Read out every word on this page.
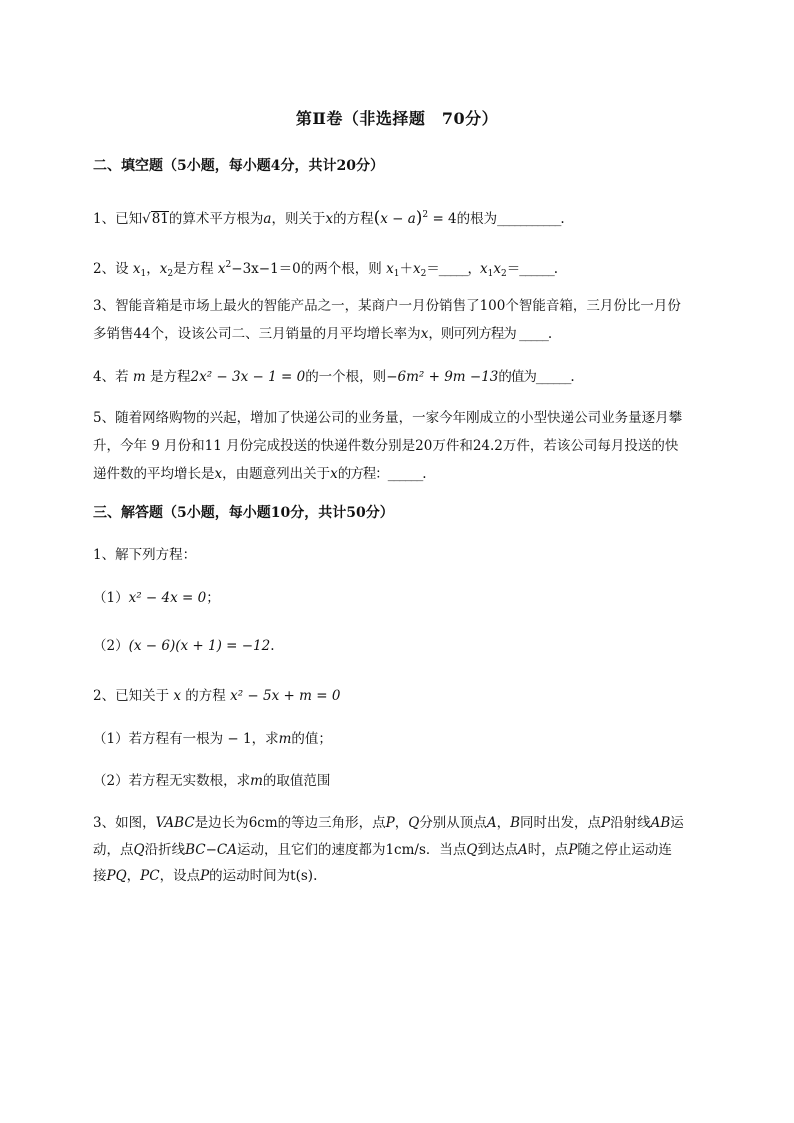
第Ⅱ卷（非选择题　70分）
二、填空题（5小题，每小题4分，共计20分）
1、已知√81的算术平方根为a，则关于x的方程$(x - a)^2 = 4$的根为___________.
2、设 $x_1$，$x_2$是方程 $x^2-3x-1=0$的两个根，则 $x_1+x_2=\_\_\_\_\_$，$x_1x_2=\_\_\_\_\_\_$.
3、智能音箱是市场上最火的智能产品之一，某商户一月份销售了100个智能音箱，三月份比一月份
多销售44个，设该公司二、三月销量的月平均增长率为x，则可列方程为 _____.
4、若 m 是方程2x² − 3x − 1 = 0的一个根，则−6m² + 9m −13的值为______.
5、随着网络购物的兴起，增加了快递公司的业务量，一家今年刚成立的小型快递公司业务量逐月攀
升，今年 9 月份和11 月份完成投送的快递件数分别是20万件和24.2万件，若该公司每月投送的快
递件数的平均增长是x，由题意列出关于x的方程：______.
三、解答题（5小题，每小题10分，共计50分）
1、解下列方程：
（1）x² − 4x = 0；
（2）(x − 6)(x + 1) = −12.
2、已知关于 x 的方程 x² − 5x + m = 0
（1）若方程有一根为 − 1，求m的值；
（2）若方程无实数根，求m的取值范围
3、如图，VABC是边长为6cm的等边三角形，点P，Q分别从顶点A，B同时出发，点P沿射线AB运
动，点Q沿折线BC−CA运动，且它们的速度都为1cm/s．当点Q到达点A时，点P随之停止运动连
接PQ，PC，设点P的运动时间为t(s).
